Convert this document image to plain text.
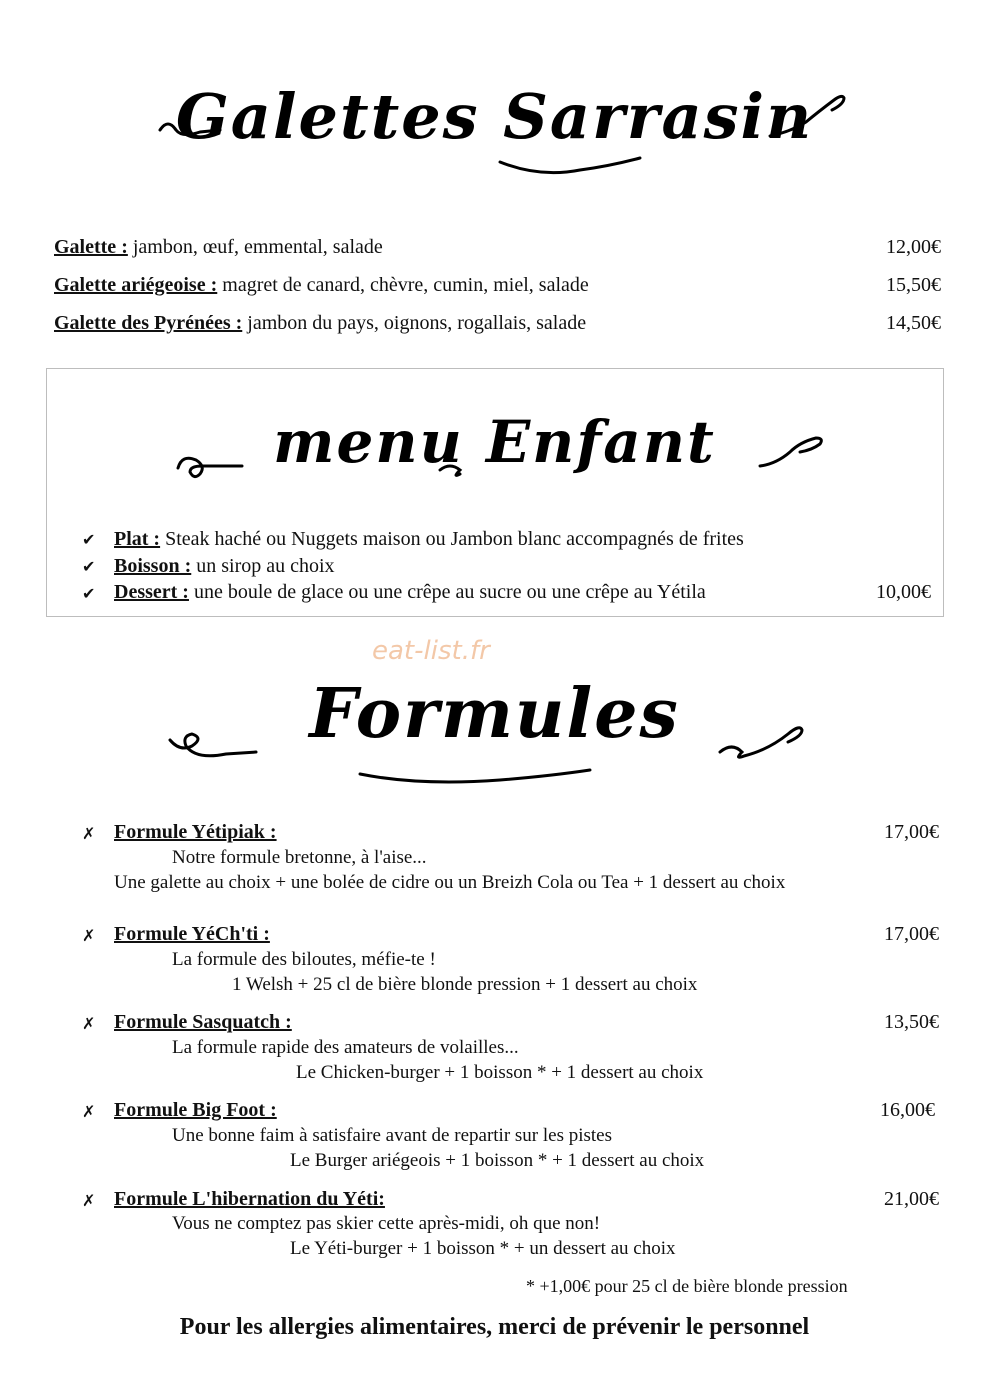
Galettes Sarrasin
Galette : jambon, œuf, emmental, salade	12,00€
Galette ariégeoise : magret de canard, chèvre, cumin, miel, salade	15,50€
Galette des Pyrénées : jambon du pays, oignons, rogallais, salade	14,50€
menu Enfant
✔ Plat : Steak haché ou Nuggets maison ou Jambon blanc accompagnés de frites
✔ Boisson : un sirop au choix
✔ Dessert : une boule de glace ou une crêpe au sucre ou une crêpe au Yétila	10,00€
eat-list.fr
Formules
✗ Formule Yétipiak :	17,00€
Notre formule bretonne, à l'aise...
Une galette au choix + une bolée de cidre ou un Breizh Cola ou Tea + 1 dessert au choix
✗ Formule YéCh'ti :	17,00€
La formule des biloutes, méfie-te !
1 Welsh + 25 cl de bière blonde pression + 1 dessert au choix
✗ Formule Sasquatch :	13,50€
La formule rapide des amateurs de volailles...
Le Chicken-burger + 1 boisson * + 1 dessert au choix
✗ Formule Big Foot :	16,00€
Une bonne faim à satisfaire avant de repartir sur les pistes
Le Burger ariégeois + 1 boisson * + 1 dessert au choix
✗ Formule L'hibernation du Yéti:	21,00€
Vous ne comptez pas skier cette après-midi, oh que non!
Le Yéti-burger + 1 boisson * + un dessert au choix
* +1,00€ pour 25 cl de bière blonde pression
Pour les allergies alimentaires, merci de prévenir le personnel
